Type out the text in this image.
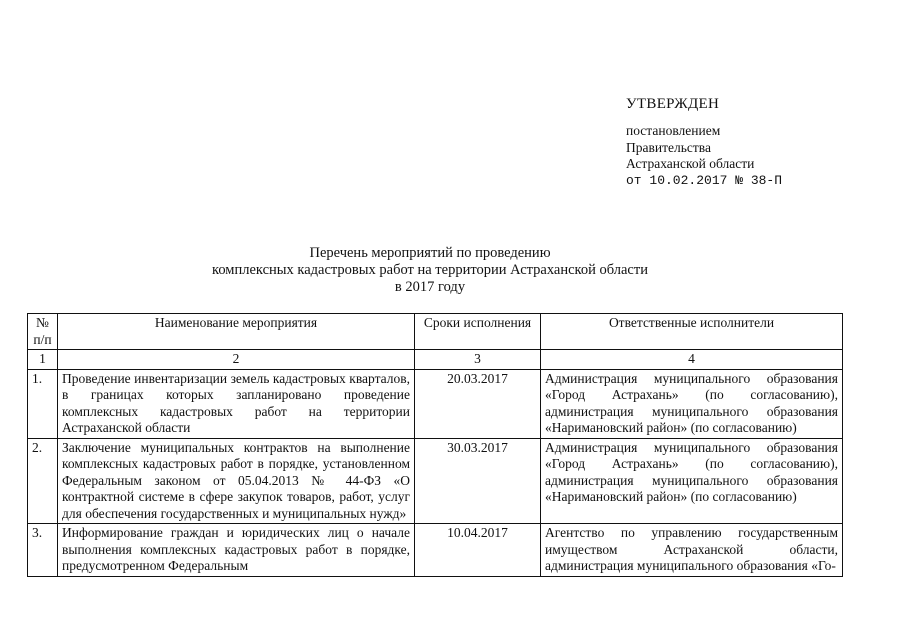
УТВЕРЖДЕН
постановлением
Правительства
Астраханской области
от 10.02.2017 № 38-П
Перечень мероприятий по проведению
комплексных кадастровых работ на территории Астраханской области
в 2017 году
№ п/п	Наименование мероприятия	Сроки исполнения	Ответственные исполнители
1	2	3	4
1.	Проведение инвентаризации земель кадастровых кварталов, в границах которых запланировано проведение комплексных кадастровых работ на территории Астраханской области	20.03.2017	Администрация муниципального образования «Город Астрахань» (по согласованию), администрация муниципального образования «Наримановский район» (по согласованию)
2.	Заключение муниципальных контрактов на выполнение комплексных кадастровых работ в порядке, установленном Федеральным законом от 05.04.2013 № 44-ФЗ «О контрактной системе в сфере закупок товаров, работ, услуг для обеспечения государственных и муниципальных нужд»	30.03.2017	Администрация муниципального образования «Город Астрахань» (по согласованию), администрация муниципального образования «Наримановский район» (по согласованию)
3.	Информирование граждан и юридических лиц о начале выполнения комплексных кадастровых работ в порядке, предусмотренном Федеральным	10.04.2017	Агентство по управлению государственным имуществом Астраханской области, администрация муниципального образования «Го-
